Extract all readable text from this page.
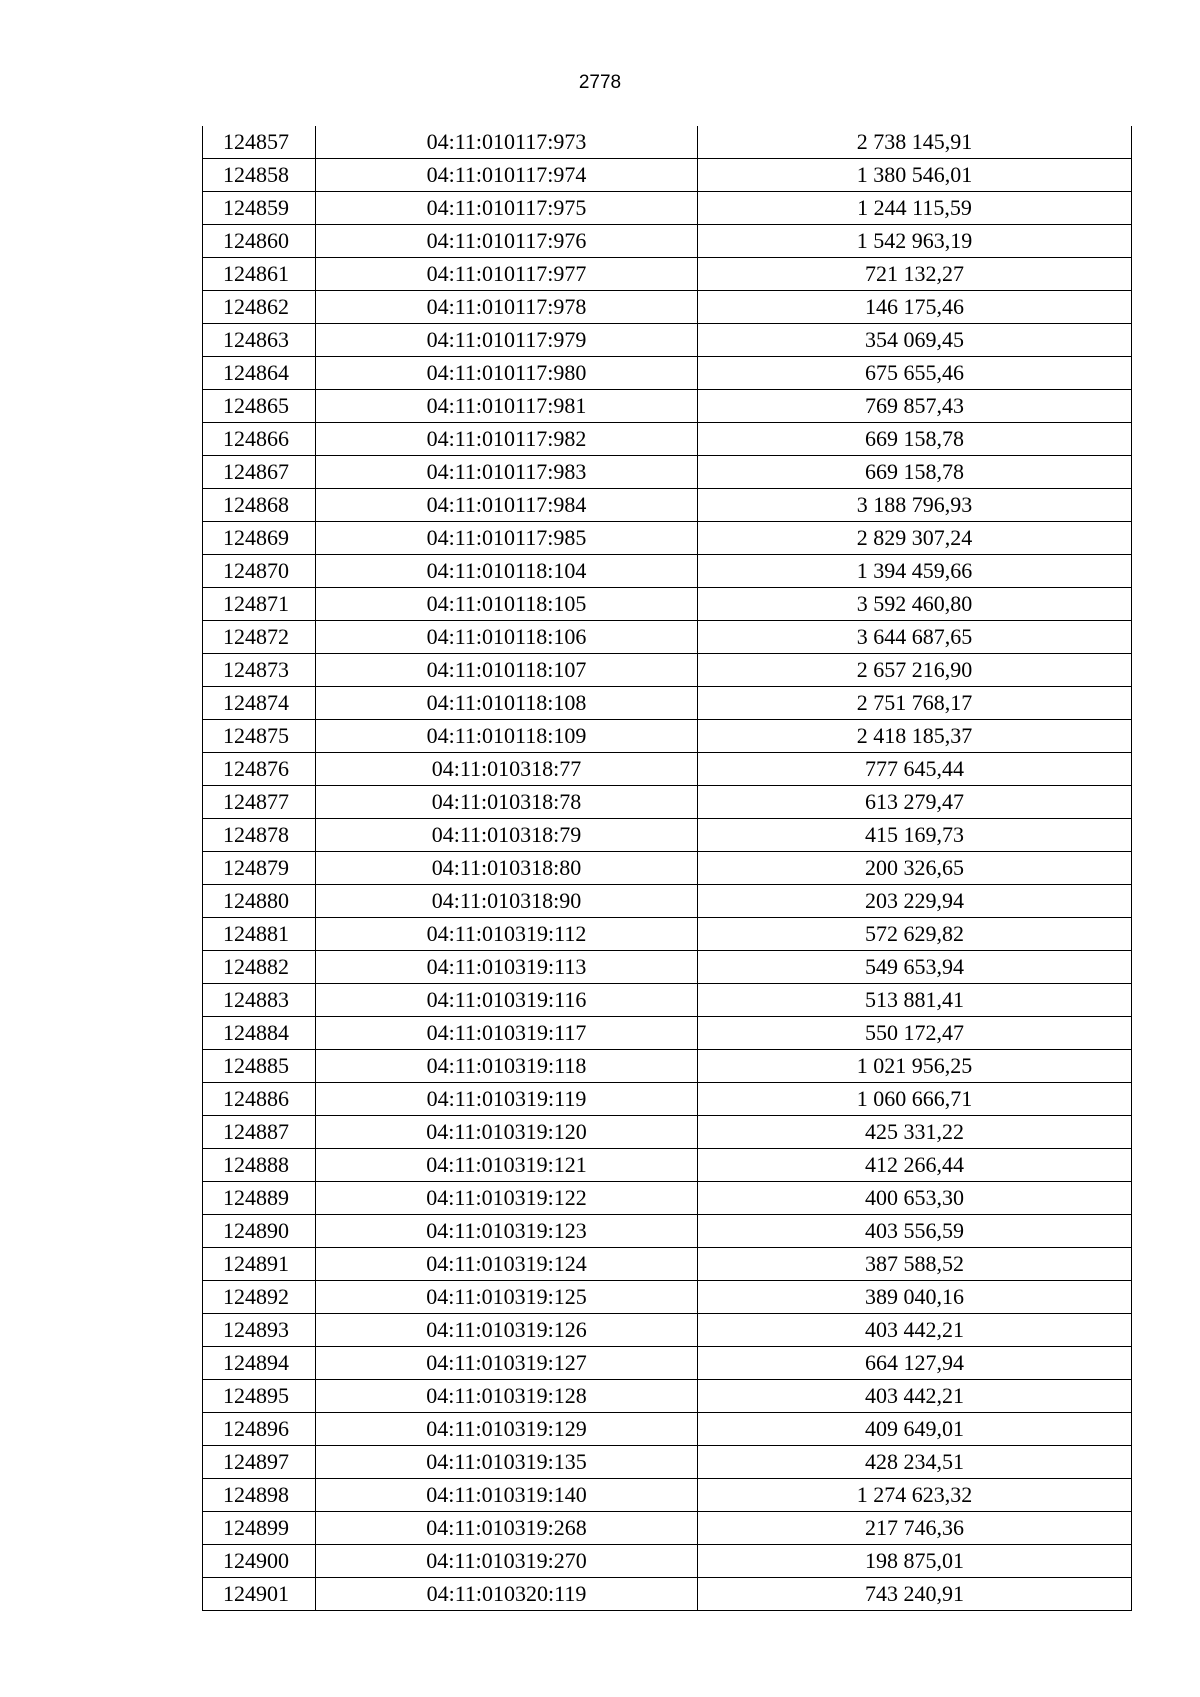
2778
124857	04:11:010117:973	2 738 145,91
124858	04:11:010117:974	1 380 546,01
124859	04:11:010117:975	1 244 115,59
124860	04:11:010117:976	1 542 963,19
124861	04:11:010117:977	721 132,27
124862	04:11:010117:978	146 175,46
124863	04:11:010117:979	354 069,45
124864	04:11:010117:980	675 655,46
124865	04:11:010117:981	769 857,43
124866	04:11:010117:982	669 158,78
124867	04:11:010117:983	669 158,78
124868	04:11:010117:984	3 188 796,93
124869	04:11:010117:985	2 829 307,24
124870	04:11:010118:104	1 394 459,66
124871	04:11:010118:105	3 592 460,80
124872	04:11:010118:106	3 644 687,65
124873	04:11:010118:107	2 657 216,90
124874	04:11:010118:108	2 751 768,17
124875	04:11:010118:109	2 418 185,37
124876	04:11:010318:77	777 645,44
124877	04:11:010318:78	613 279,47
124878	04:11:010318:79	415 169,73
124879	04:11:010318:80	200 326,65
124880	04:11:010318:90	203 229,94
124881	04:11:010319:112	572 629,82
124882	04:11:010319:113	549 653,94
124883	04:11:010319:116	513 881,41
124884	04:11:010319:117	550 172,47
124885	04:11:010319:118	1 021 956,25
124886	04:11:010319:119	1 060 666,71
124887	04:11:010319:120	425 331,22
124888	04:11:010319:121	412 266,44
124889	04:11:010319:122	400 653,30
124890	04:11:010319:123	403 556,59
124891	04:11:010319:124	387 588,52
124892	04:11:010319:125	389 040,16
124893	04:11:010319:126	403 442,21
124894	04:11:010319:127	664 127,94
124895	04:11:010319:128	403 442,21
124896	04:11:010319:129	409 649,01
124897	04:11:010319:135	428 234,51
124898	04:11:010319:140	1 274 623,32
124899	04:11:010319:268	217 746,36
124900	04:11:010319:270	198 875,01
124901	04:11:010320:119	743 240,91
